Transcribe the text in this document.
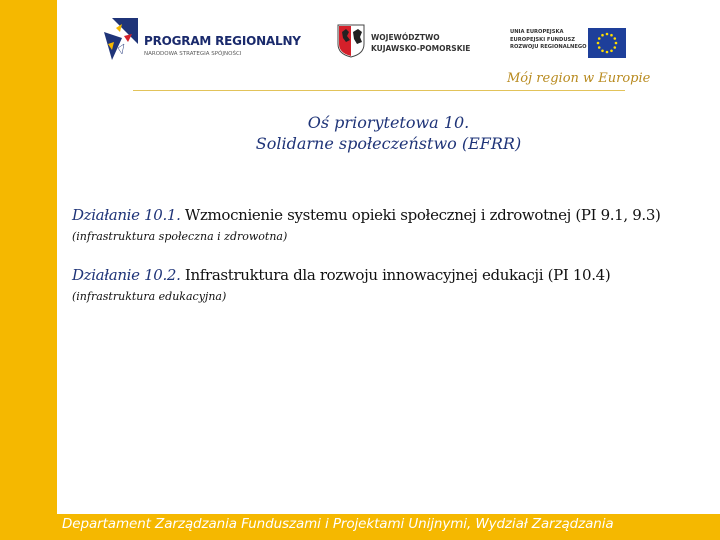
PROGRAM REGIONALNY
NARODOWA STRATEGIA SPÓJNOŚCI
WOJEWÓDZTWO
KUJAWSKO-POMORSKIE
UNIA EUROPEJSKA
EUROPEJSKI FUNDUSZ
ROZWOJU REGIONALNEGO
Mój region w Europie
Oś priorytetowa 10.
Solidarne społeczeństwo (EFRR)
Działanie 10.1. Wzmocnienie systemu opieki społecznej i zdrowotnej (PI 9.1, 9.3)
(infrastruktura społeczna i zdrowotna)
Działanie 10.2. Infrastruktura dla rozwoju innowacyjnej edukacji (PI 10.4)
(infrastruktura edukacyjna)
Departament Zarządzania Funduszami i Projektami Unijnymi, Wydział Zarządzania
